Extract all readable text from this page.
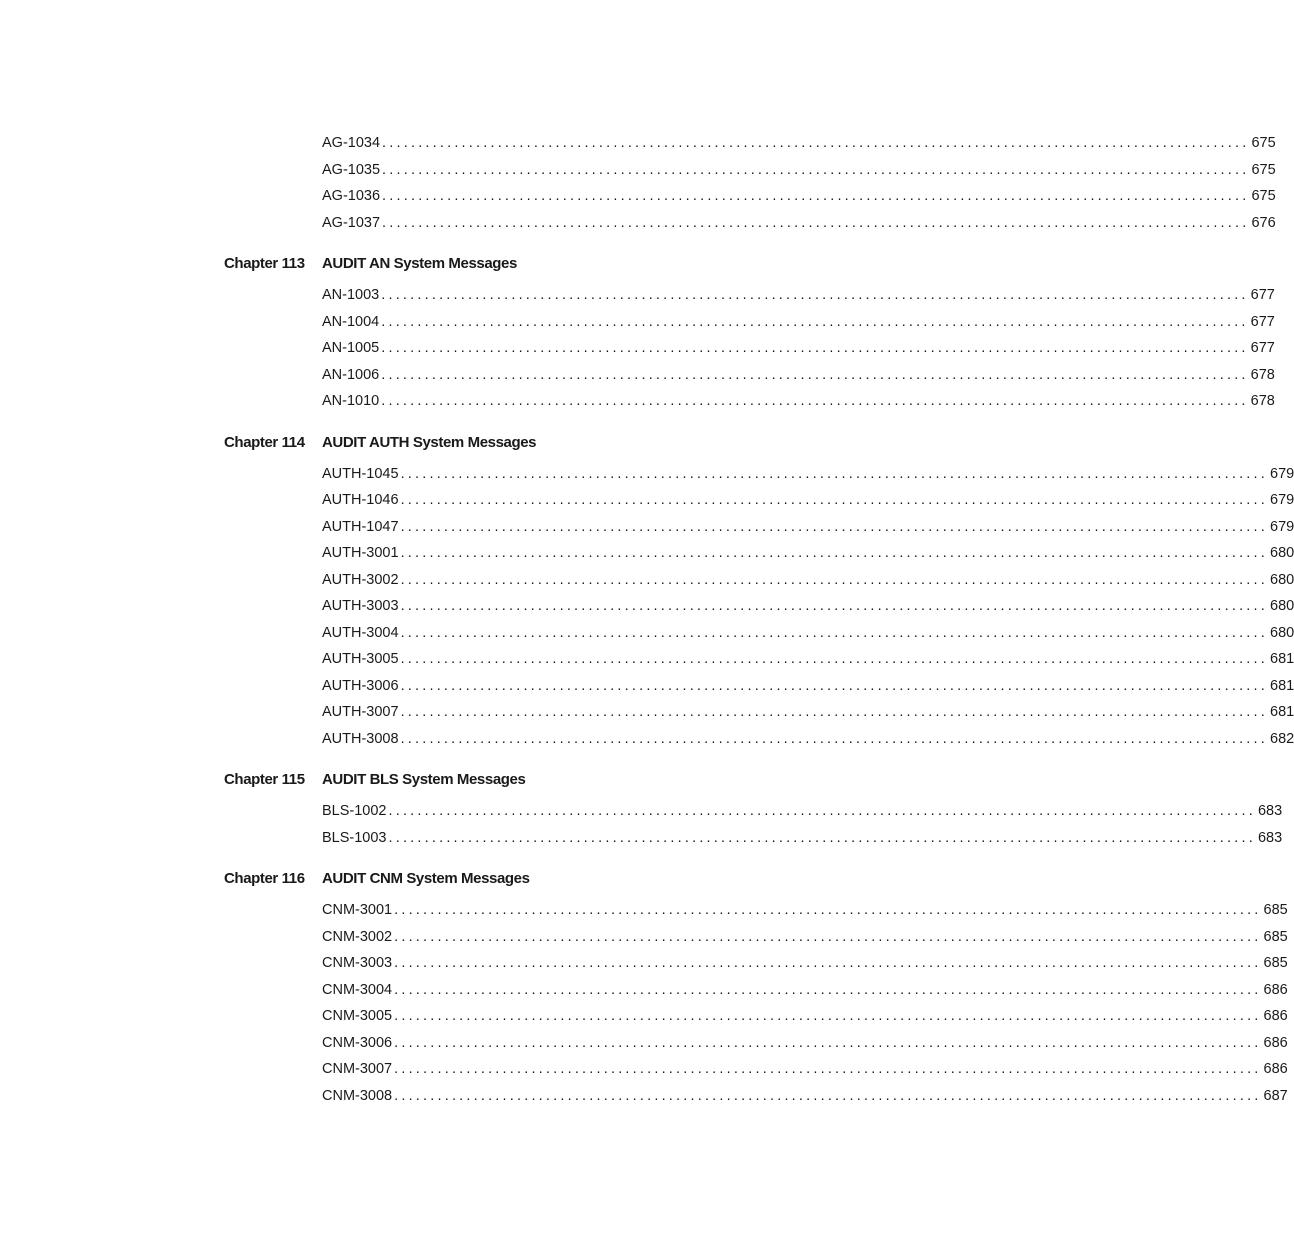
AG-1034 ........................................................................................................................ 675
AG-1035 ........................................................................................................................ 675
AG-1036 ........................................................................................................................ 675
AG-1037 ........................................................................................................................ 676
Chapter 113 AUDIT AN System Messages
AN-1003 ........................................................................................................................ 677
AN-1004 ........................................................................................................................ 677
AN-1005 ........................................................................................................................ 677
AN-1006 ........................................................................................................................ 678
AN-1010 ........................................................................................................................ 678
Chapter 114 AUDIT AUTH System Messages
AUTH-1045 ........................................................................................................................ 679
AUTH-1046 ........................................................................................................................ 679
AUTH-1047 ........................................................................................................................ 679
AUTH-3001 ........................................................................................................................ 680
AUTH-3002 ........................................................................................................................ 680
AUTH-3003 ........................................................................................................................ 680
AUTH-3004 ........................................................................................................................ 680
AUTH-3005 ........................................................................................................................ 681
AUTH-3006 ........................................................................................................................ 681
AUTH-3007 ........................................................................................................................ 681
AUTH-3008 ........................................................................................................................ 682
Chapter 115 AUDIT BLS System Messages
BLS-1002 ........................................................................................................................ 683
BLS-1003 ........................................................................................................................ 683
Chapter 116 AUDIT CNM System Messages
CNM-3001 ........................................................................................................................ 685
CNM-3002 ........................................................................................................................ 685
CNM-3003 ........................................................................................................................ 685
CNM-3004 ........................................................................................................................ 686
CNM-3005 ........................................................................................................................ 686
CNM-3006 ........................................................................................................................ 686
CNM-3007 ........................................................................................................................ 686
CNM-3008 ........................................................................................................................ 687
